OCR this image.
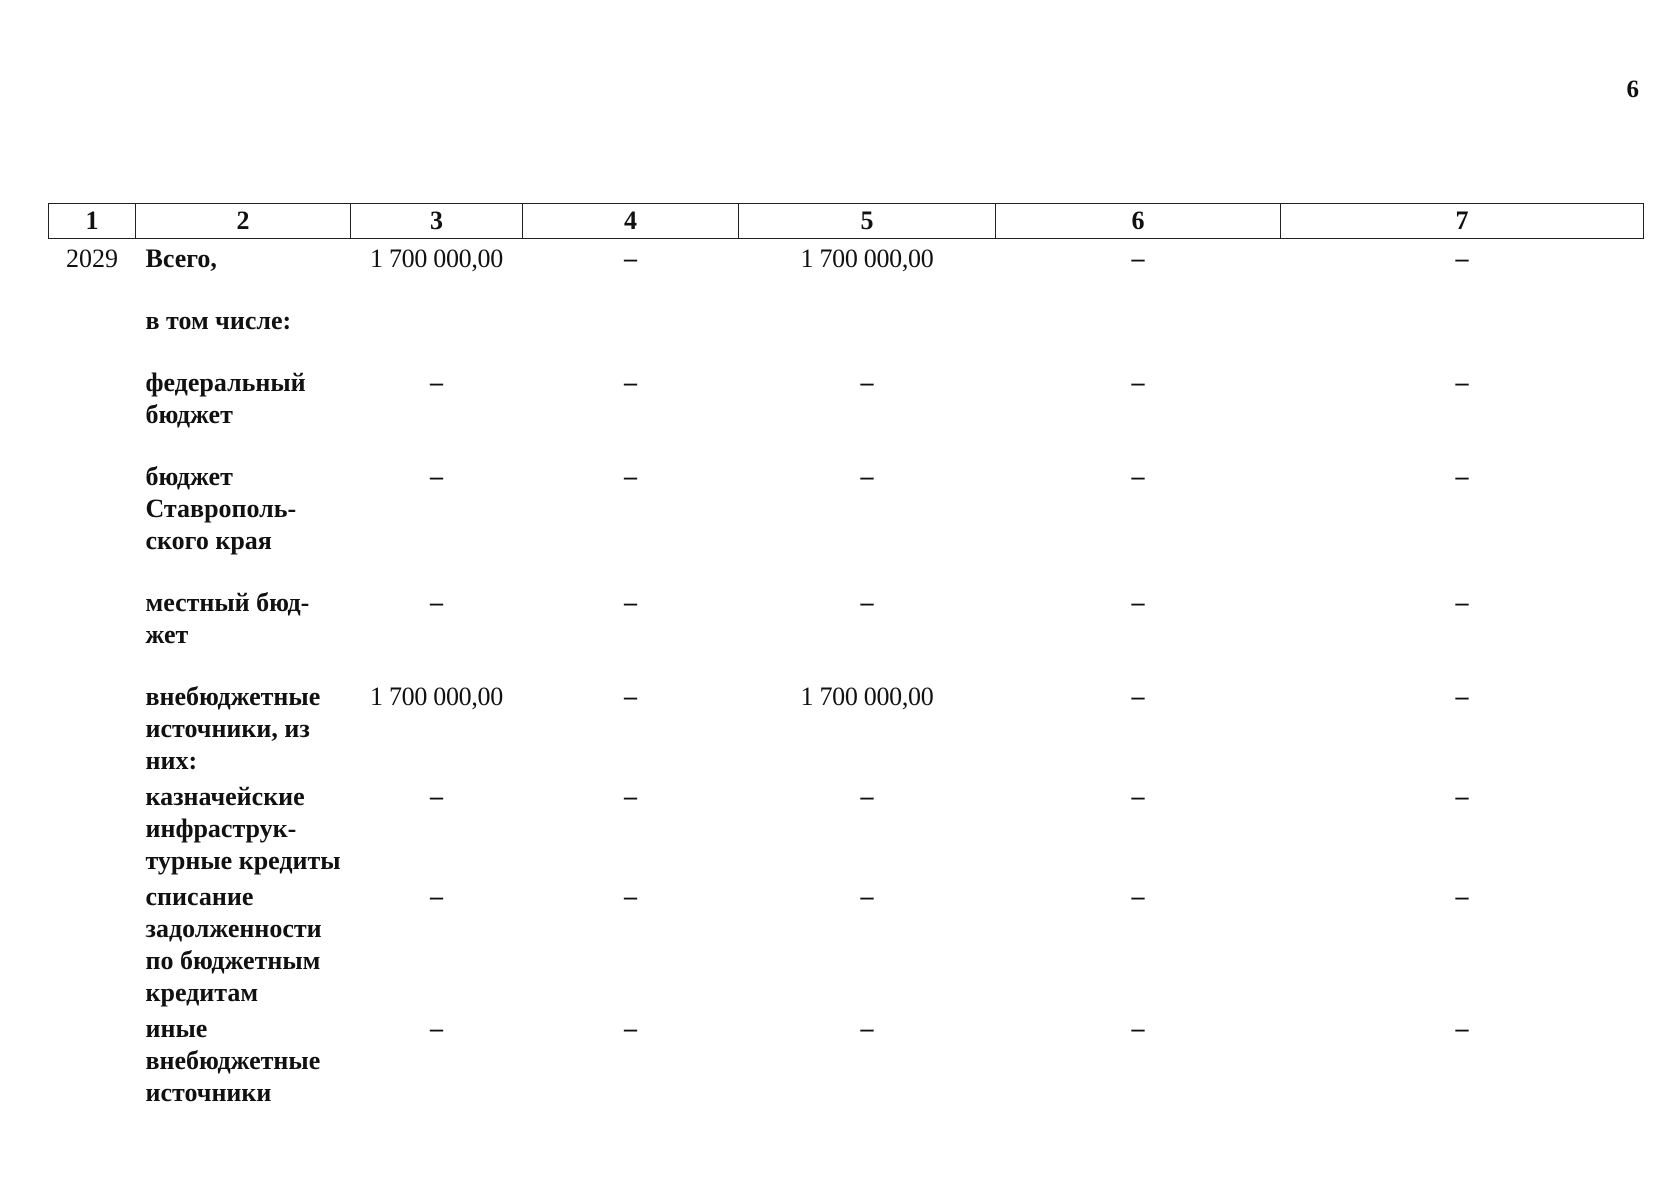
6
1	2	3	4	5	6	7
2029	Всего,	1 700 000,00	–	1 700 000,00	–	–
	в том числе:					
	федеральный бюджет	–	–	–	–	–
	бюджет Ставрополь-ского края	–	–	–	–	–
	местный бюд-жет	–	–	–	–	–
	внебюджетные источники, из них:	1 700 000,00	–	1 700 000,00	–	–
	казначейские инфраструк-турные кредиты	–	–	–	–	–
	списание задолженности по бюджетным кредитам	–	–	–	–	–
	иные внебюджетные источники	–	–	–	–	–
